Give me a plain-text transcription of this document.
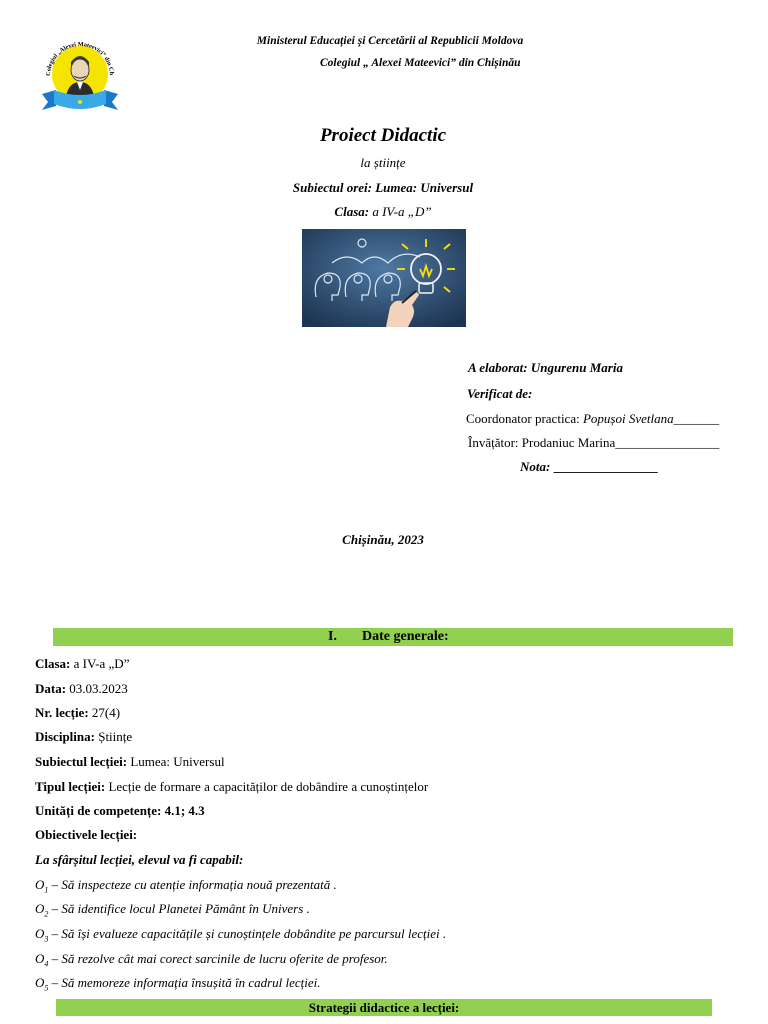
Colegiul „Alexei Mateevici” din Ch
Ministerul Educației și Cercetării al Republicii Moldova
Colegiul „ Alexei Mateevici” din Chișinău
Proiect Didactic
la științe
Subiectul orei: Lumea: Universul
Clasa: a IV-a „D”
A elaborat: Ungurenu Maria
Verificat de:
Coordonator practica: Popușoi Svetlana_______
Învățător: Prodaniuc Marina________________
Nota: ________________
Chișinău, 2023
I. Date generale:
Clasa: a IV-a „D”
Data: 03.03.2023
Nr. lecție: 27(4)
Disciplina: Științe
Subiectul lecției: Lumea: Universul
Tipul lecției: Lecție de formare a capacităților de dobândire a cunoștințelor
Unități de competențe: 4.1; 4.3
Obiectivele lecției:
La sfârșitul lecției, elevul va fi capabil:
$O_1$ – Să inspecteze cu atenție informația nouă prezentată .
$O_2$ – Să identifice locul Planetei Pământ în Univers .
$O_3$ – Să își evalueze capacitățile și cunoștințele dobândite pe parcursul lecției .
$O_4$ – Să rezolve cât mai corect sarcinile de lucru oferite de profesor.
$O_5$ – Să memoreze informația însușită în cadrul lecției.
Strategii didactice a lecției:
